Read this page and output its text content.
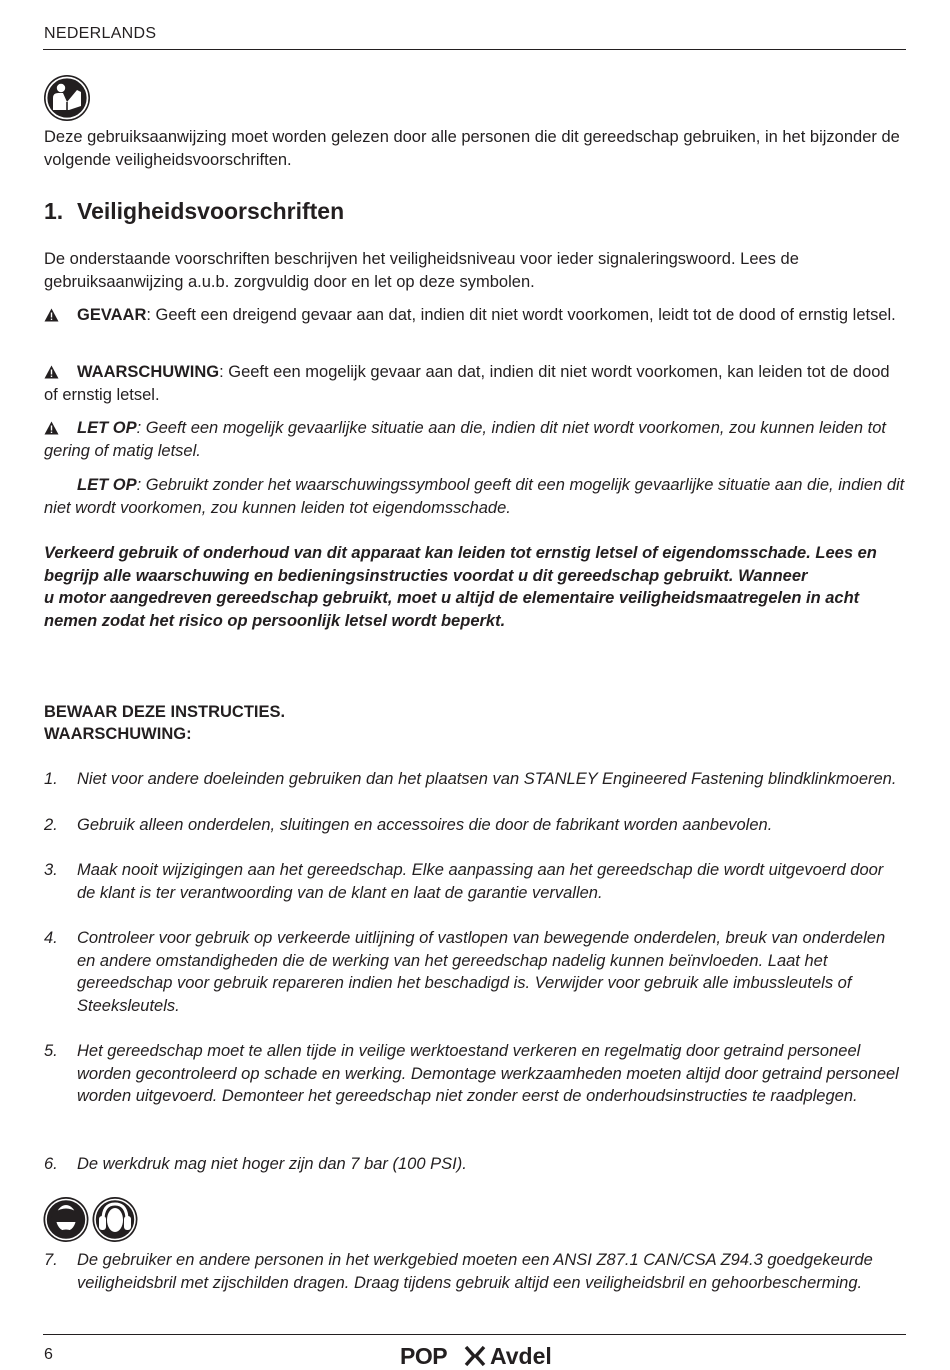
NEDERLANDS
Deze gebruiksaanwijzing moet worden gelezen door alle personen die dit gereedschap gebruiken, in het bijzonder de volgende veiligheidsvoorschriften.
1. Veiligheidsvoorschriften
De onderstaande voorschriften beschrijven het veiligheidsniveau voor ieder signaleringswoord. Lees de gebruiksaanwijzing a.u.b. zorgvuldig door en let op deze symbolen.
GEVAAR: Geeft een dreigend gevaar aan dat, indien dit niet wordt voorkomen, leidt tot de dood of ernstig letsel.
WAARSCHUWING: Geeft een mogelijk gevaar aan dat, indien dit niet wordt voorkomen, kan leiden tot de dood of ernstig letsel.
LET OP: Geeft een mogelijk gevaarlijke situatie aan die, indien dit niet wordt voorkomen, zou kunnen leiden tot gering of matig letsel.
LET OP: Gebruikt zonder het waarschuwingssymbool geeft dit een mogelijk gevaarlijke situatie aan die, indien dit niet wordt voorkomen, zou kunnen leiden tot eigendomsschade.
Verkeerd gebruik of onderhoud van dit apparaat kan leiden tot ernstig letsel of eigendomsschade. Lees en
begrijp alle waarschuwing en bedieningsinstructies voordat u dit gereedschap gebruikt. Wanneer
u motor aangedreven gereedschap gebruikt, moet u altijd de elementaire veiligheidsmaatregelen in acht
nemen zodat het risico op persoonlijk letsel wordt beperkt.
BEWAAR DEZE INSTRUCTIES.
WAARSCHUWING:
1. Niet voor andere doeleinden gebruiken dan het plaatsen van STANLEY Engineered Fastening blindklinkmoeren.
2. Gebruik alleen onderdelen, sluitingen en accessoires die door de fabrikant worden aanbevolen.
3. Maak nooit wijzigingen aan het gereedschap. Elke aanpassing aan het gereedschap die wordt uitgevoerd door de klant is ter verantwoording van de klant en laat de garantie vervallen.
4. Controleer voor gebruik op verkeerde uitlijning of vastlopen van bewegende onderdelen, breuk van onderdelen en andere omstandigheden die de werking van het gereedschap nadelig kunnen beïnvloeden. Laat het gereedschap voor gebruik repareren indien het beschadigd is. Verwijder voor gebruik alle imbussleutels of Steeksleutels.
5. Het gereedschap moet te allen tijde in veilige werktoestand verkeren en regelmatig door getraind personeel worden gecontroleerd op schade en werking. Demontage werkzaamheden moeten altijd door getraind personeel worden uitgevoerd. Demonteer het gereedschap niet zonder eerst de onderhoudsinstructies te raadplegen.
6. De werkdruk mag niet hoger zijn dan 7 bar (100 PSI).
7. De gebruiker en andere personen in het werkgebied moeten een ANSI Z87.1 CAN/CSA Z94.3 goedgekeurde veiligheidsbril met zijschilden dragen. Draag tijdens gebruik altijd een veiligheidsbril en gehoorbescherming.
6	POP Avdel
